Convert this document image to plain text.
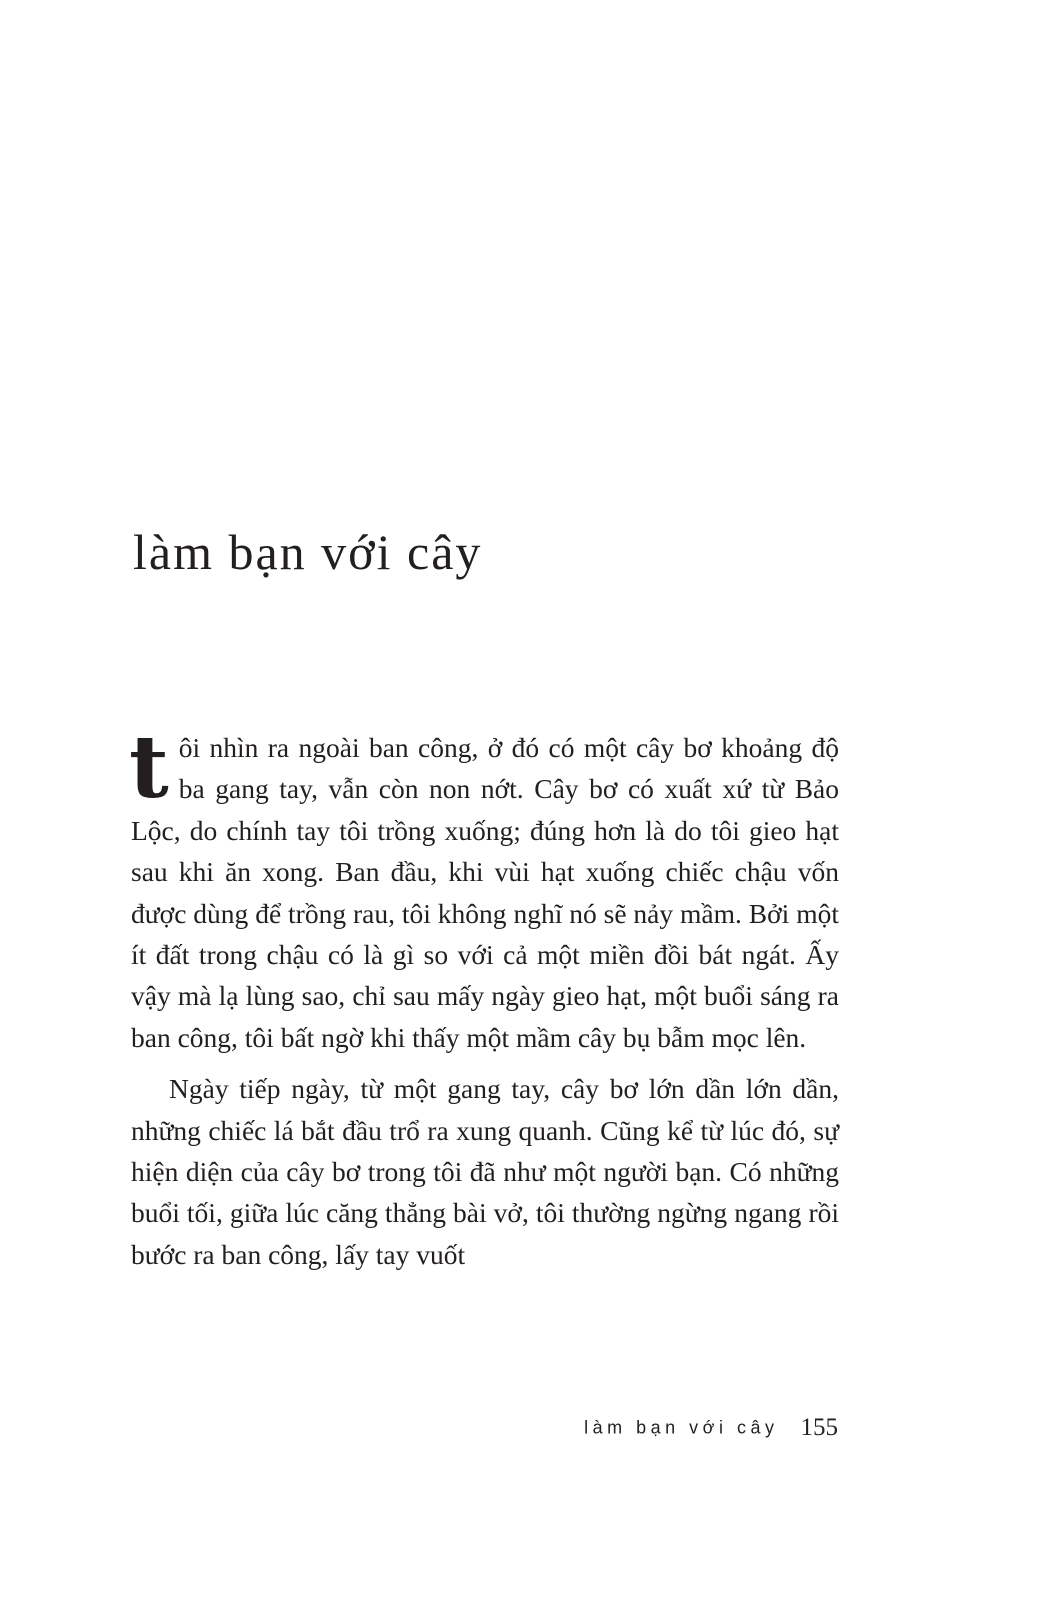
làm bạn với cây

tôi nhìn ra ngoài ban công, ở đó có một cây bơ khoảng độ ba gang tay, vẫn còn non nớt. Cây bơ có xuất xứ từ Bảo Lộc, do chính tay tôi trồng xuống; đúng hơn là do tôi gieo hạt sau khi ăn xong. Ban đầu, khi vùi hạt xuống chiếc chậu vốn được dùng để trồng rau, tôi không nghĩ nó sẽ nảy mầm. Bởi một ít đất trong chậu có là gì so với cả một miền đồi bát ngát. Ấy vậy mà lạ lùng sao, chỉ sau mấy ngày gieo hạt, một buổi sáng ra ban công, tôi bất ngờ khi thấy một mầm cây bụ bẫm mọc lên.

Ngày tiếp ngày, từ một gang tay, cây bơ lớn dần lớn dần, những chiếc lá bắt đầu trổ ra xung quanh. Cũng kể từ lúc đó, sự hiện diện của cây bơ trong tôi đã như một người bạn. Có những buổi tối, giữa lúc căng thẳng bài vở, tôi thường ngừng ngang rồi bước ra ban công, lấy tay vuốt

làm bạn với cây 155
